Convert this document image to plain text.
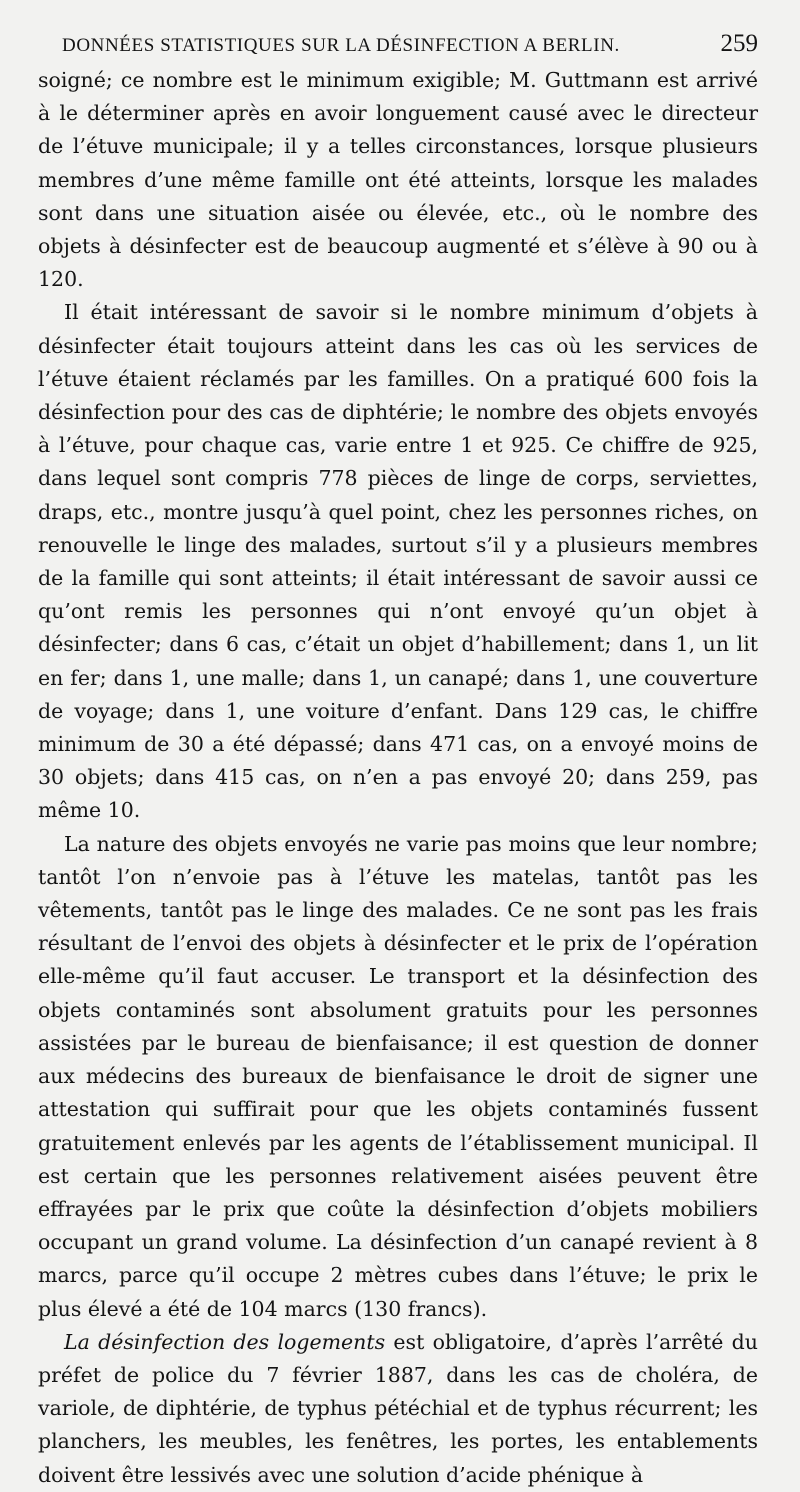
DONNÉES STATISTIQUES SUR LA DÉSINFECTION A BERLIN.	259

soigné; ce nombre est le minimum exigible; M. Guttmann est arrivé à le déterminer après en avoir longuement causé avec le directeur de l’étuve municipale; il y a telles circonstances, lorsque plusieurs membres d’une même famille ont été atteints, lorsque les malades sont dans une situation aisée ou élevée, etc., où le nombre des objets à désinfecter est de beaucoup augmenté et s’élève à 90 ou à 120.

Il était intéressant de savoir si le nombre minimum d’objets à désinfecter était toujours atteint dans les cas où les services de l’étuve étaient réclamés par les familles. On a pratiqué 600 fois la désinfection pour des cas de diphtérie; le nombre des objets envoyés à l’étuve, pour chaque cas, varie entre 1 et 925. Ce chiffre de 925, dans lequel sont compris 778 pièces de linge de corps, serviettes, draps, etc., montre jusqu’à quel point, chez les personnes riches, on renouvelle le linge des malades, surtout s’il y a plusieurs membres de la famille qui sont atteints; il était intéressant de savoir aussi ce qu’ont remis les personnes qui n’ont envoyé qu’un objet à désinfecter; dans 6 cas, c’était un objet d’habillement; dans 1, un lit en fer; dans 1, une malle; dans 1, un canapé; dans 1, une couverture de voyage; dans 1, une voiture d’enfant. Dans 129 cas, le chiffre minimum de 30 a été dépassé; dans 471 cas, on a envoyé moins de 30 objets; dans 415 cas, on n’en a pas envoyé 20; dans 259, pas même 10.

La nature des objets envoyés ne varie pas moins que leur nombre; tantôt l’on n’envoie pas à l’étuve les matelas, tantôt pas les vêtements, tantôt pas le linge des malades. Ce ne sont pas les frais résultant de l’envoi des objets à désinfecter et le prix de l’opération elle-même qu’il faut accuser. Le transport et la désinfection des objets contaminés sont absolument gratuits pour les personnes assistées par le bureau de bienfaisance; il est question de donner aux médecins des bureaux de bienfaisance le droit de signer une attestation qui suffirait pour que les objets contaminés fussent gratuitement enlevés par les agents de l’établissement municipal. Il est certain que les personnes relativement aisées peuvent être effrayées par le prix que coûte la désinfection d’objets mobiliers occupant un grand volume. La désinfection d’un canapé revient à 8 marcs, parce qu’il occupe 2 mètres cubes dans l’étuve; le prix le plus élevé a été de 104 marcs (130 francs).

La désinfection des logements est obligatoire, d’après l’arrêté du préfet de police du 7 février 1887, dans les cas de choléra, de variole, de diphtérie, de typhus pétéchial et de typhus récurrent; les planchers, les meubles, les fenêtres, les portes, les entablements doivent être lessivés avec une solution d’acide phénique à
